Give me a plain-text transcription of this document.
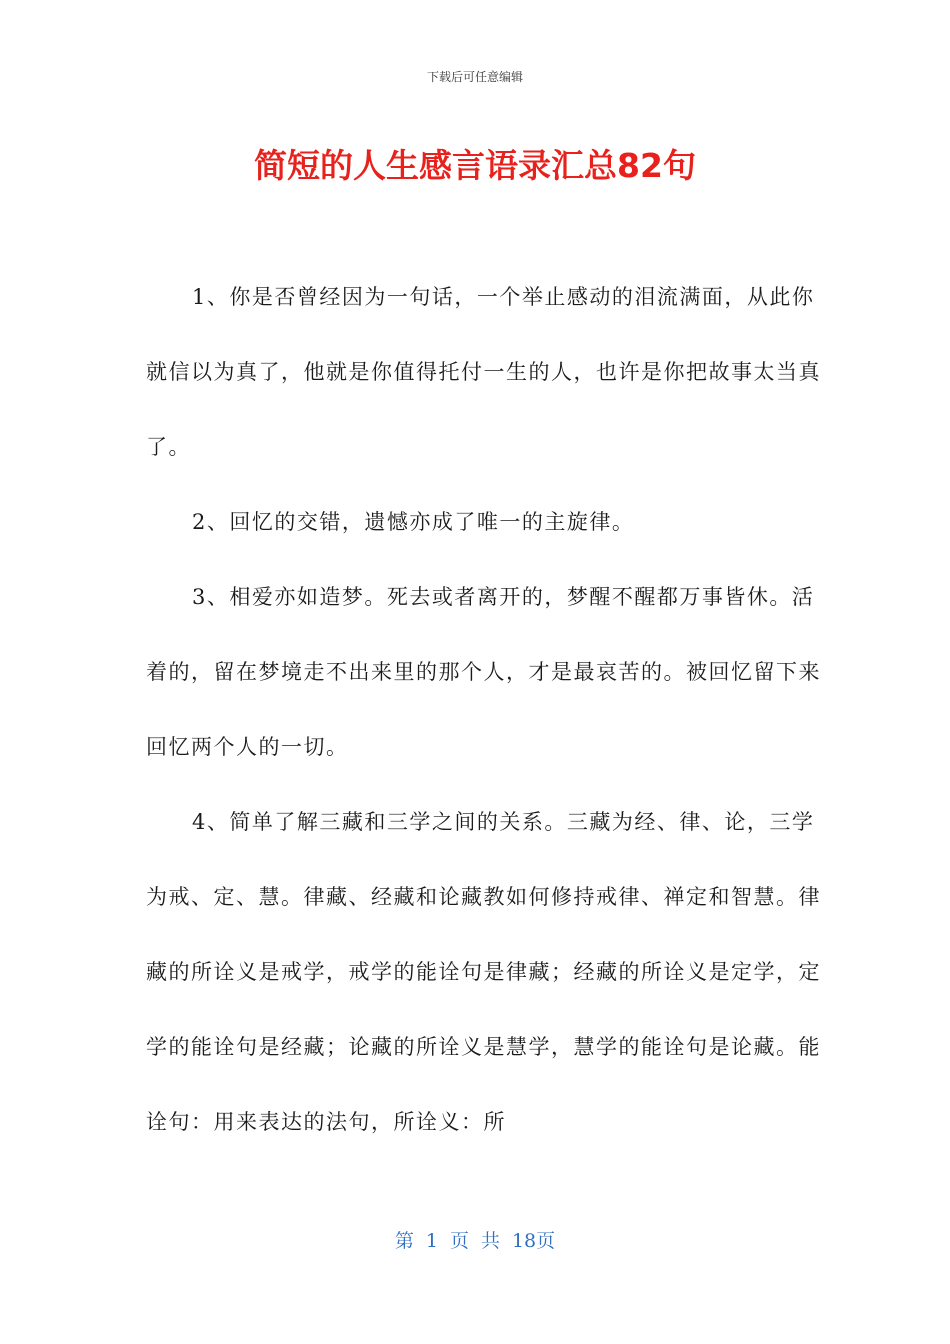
下载后可任意编辑
简短的人生感言语录汇总82句

1、你是否曾经因为一句话，一个举止感动的泪流满面，从此你就信以为真了，他就是你值得托付一生的人，也许是你把故事太当真了。

2、回忆的交错，遗憾亦成了唯一的主旋律。

3、相爱亦如造梦。死去或者离开的，梦醒不醒都万事皆休。活着的，留在梦境走不出来里的那个人，才是最哀苦的。被回忆留下来回忆两个人的一切。

4、简单了解三藏和三学之间的关系。三藏为经、律、论，三学为戒、定、慧。律藏、经藏和论藏教如何修持戒律、禅定和智慧。律藏的所诠义是戒学，戒学的能诠句是律藏；经藏的所诠义是定学，定学的能诠句是经藏；论藏的所诠义是慧学，慧学的能诠句是论藏。能诠句：用来表达的法句，所诠义：所

第 1 页 共 18页
